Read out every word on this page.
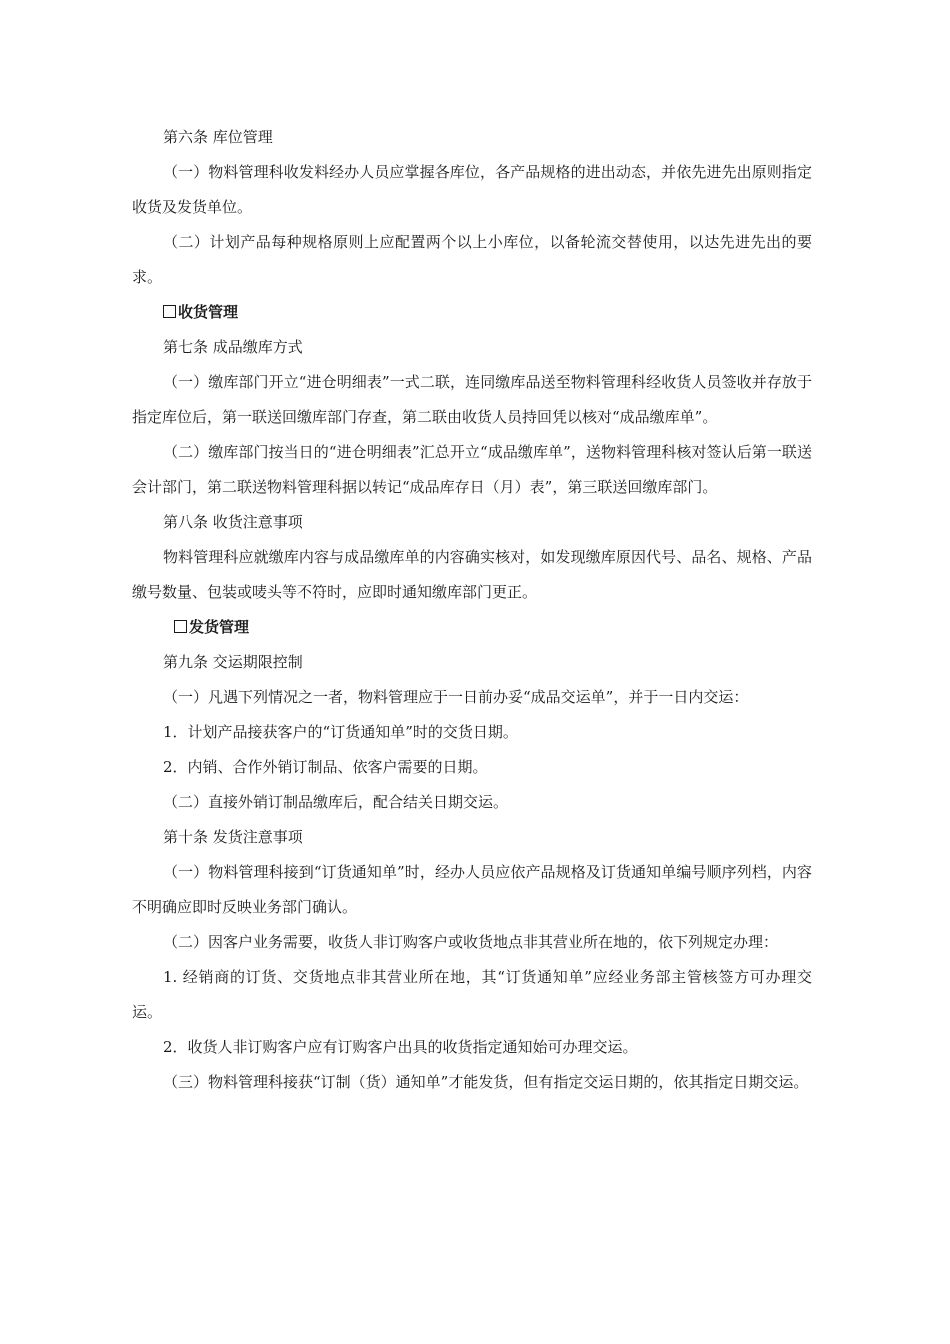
第六条 库位管理

（一）物料管理科收发料经办人员应掌握各库位，各产品规格的进出动态，并依先进先出原则指定收货及发货单位。

（二）计划产品每种规格原则上应配置两个以上小库位，以备轮流交替使用，以达先进先出的要求。

收货管理

第七条 成品缴库方式

（一）缴库部门开立“进仓明细表”一式二联，连同缴库品送至物料管理科经收货人员签收并存放于指定库位后，第一联送回缴库部门存查，第二联由收货人员持回凭以核对“成品缴库单”。

（二）缴库部门按当日的“进仓明细表”汇总开立“成品缴库单”，送物料管理科核对签认后第一联送会计部门，第二联送物料管理科据以转记“成品库存日（月）表”，第三联送回缴库部门。

第八条 收货注意事项

物料管理科应就缴库内容与成品缴库单的内容确实核对，如发现缴库原因代号、品名、规格、产品缴号数量、包装或唛头等不符时，应即时通知缴库部门更正。

发货管理

第九条 交运期限控制

（一）凡遇下列情况之一者，物料管理应于一日前办妥“成品交运单”，并于一日内交运：

1．计划产品接获客户的“订货通知单”时的交货日期。

2．内销、合作外销订制品、依客户需要的日期。

（二）直接外销订制品缴库后，配合结关日期交运。

第十条 发货注意事项

（一）物料管理科接到“订货通知单”时，经办人员应依产品规格及订货通知单编号顺序列档，内容不明确应即时反映业务部门确认。

（二）因客户业务需要，收货人非订购客户或收货地点非其营业所在地的，依下列规定办理：

1. 经销商的订货、交货地点非其营业所在地，其“订货通知单”应经业务部主管核签方可办理交运。

2．收货人非订购客户应有订购客户出具的收货指定通知始可办理交运。

（三）物料管理科接获“订制（货）通知单”才能发货，但有指定交运日期的，依其指定日期交运。
